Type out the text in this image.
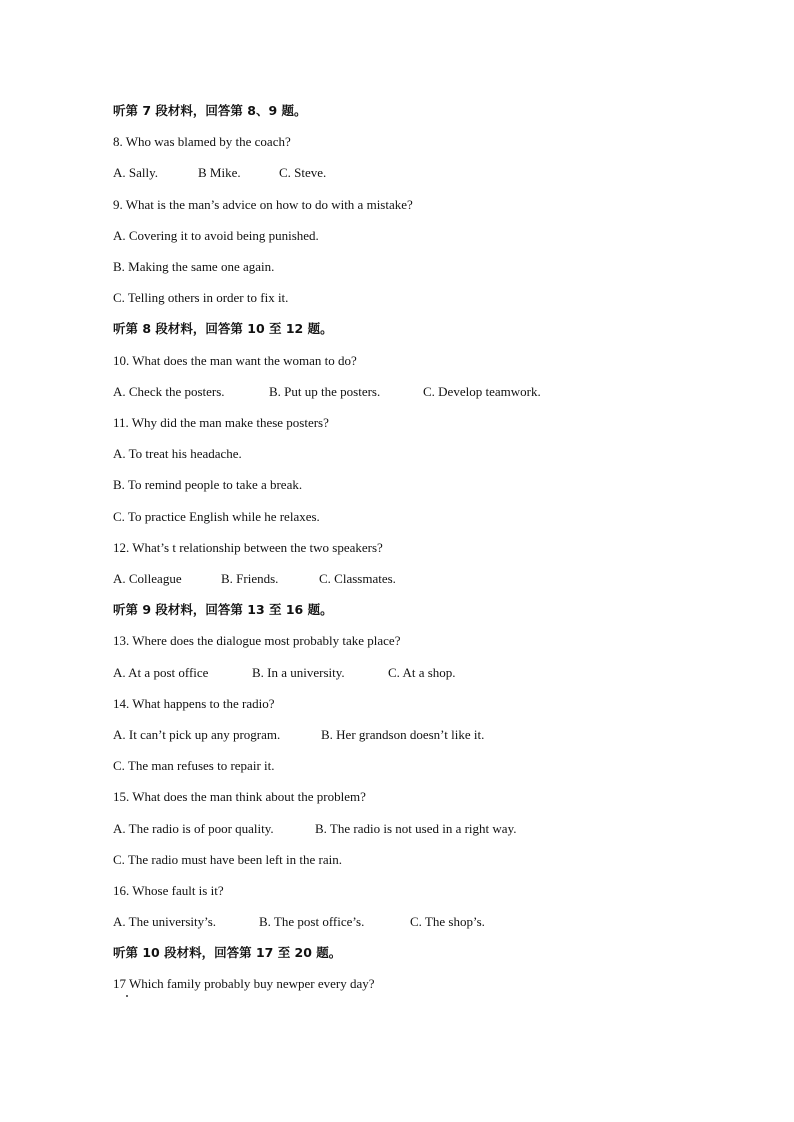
听第 7 段材料，回答第 8、9 题。
8. Who was blamed by the coach?
A. Sally.	B Mike.	C. Steve.
9. What is the man’s advice on how to do with a mistake?
A. Covering it to avoid being punished.
B. Making the same one again.
C. Telling others in order to fix it.
听第 8 段材料，回答第 10 至 12 题。
10. What does the man want the woman to do?
A. Check the posters.	B. Put up the posters.	C. Develop teamwork.
11. Why did the man make these posters?
A. To treat his headache.
B. To remind people to take a break.
C. To practice English while he relaxes.
12. What’s t relationship between the two speakers?
A. Colleague	B. Friends.	C. Classmates.
听第 9 段材料，回答第 13 至 16 题。
13. Where does the dialogue most probably take place?
A. At a post office	B. In a university.	C. At a shop.
14. What happens to the radio?
A. It can’t pick up any program.	B. Her grandson doesn’t like it.
C. The man refuses to repair it.
15. What does the man think about the problem?
A. The radio is of poor quality.	B. The radio is not used in a right way.
C. The radio must have been left in the rain.
16. Whose fault is it?
A. The university’s.	B. The post office’s.	C. The shop’s.
听第 10 段材料，回答第 17 至 20 题。
17 Which family probably buy newper every day?
